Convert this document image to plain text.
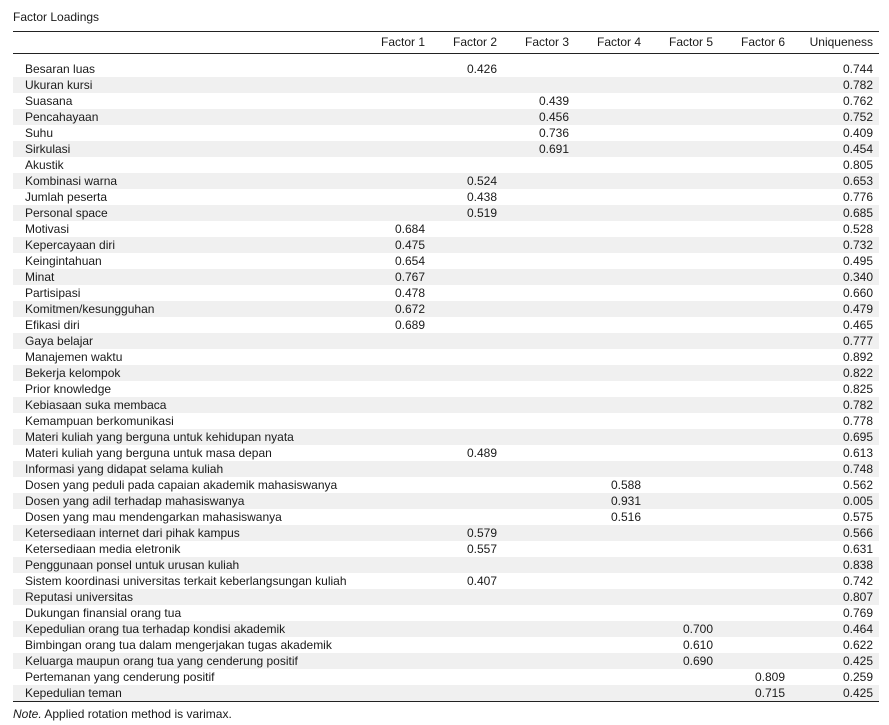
Factor Loadings
	Factor 1	Factor 2	Factor 3	Factor 4	Factor 5	Factor 6	Uniqueness

Besaran luas		0.426					0.744
Ukuran kursi							0.782
Suasana			0.439				0.762
Pencahayaan			0.456				0.752
Suhu			0.736				0.409
Sirkulasi			0.691				0.454
Akustik							0.805
Kombinasi warna		0.524					0.653
Jumlah peserta		0.438					0.776
Personal space		0.519					0.685
Motivasi	0.684						0.528
Kepercayaan diri	0.475						0.732
Keingintahuan	0.654						0.495
Minat	0.767						0.340
Partisipasi	0.478						0.660
Komitmen/kesungguhan	0.672						0.479
Efikasi diri	0.689						0.465
Gaya belajar							0.777
Manajemen waktu							0.892
Bekerja kelompok							0.822
Prior knowledge							0.825
Kebiasaan suka membaca							0.782
Kemampuan berkomunikasi							0.778
Materi kuliah yang berguna untuk kehidupan nyata							0.695
Materi kuliah yang berguna untuk masa depan		0.489					0.613
Informasi yang didapat selama kuliah							0.748
Dosen yang peduli pada capaian akademik mahasiswanya				0.588			0.562
Dosen yang adil terhadap mahasiswanya				0.931			0.005
Dosen yang mau mendengarkan mahasiswanya				0.516			0.575
Ketersediaan internet dari pihak kampus		0.579					0.566
Ketersediaan media eletronik		0.557					0.631
Penggunaan ponsel untuk urusan kuliah							0.838
Sistem koordinasi universitas terkait keberlangsungan kuliah		0.407					0.742
Reputasi universitas							0.807
Dukungan finansial orang tua							0.769
Kepedulian orang tua terhadap kondisi akademik					0.700		0.464
Bimbingan orang tua dalam mengerjakan tugas akademik					0.610		0.622
Keluarga maupun orang tua yang cenderung positif					0.690		0.425
Pertemanan yang cenderung positif						0.809	0.259
Kepedulian teman						0.715	0.425
Note. Applied rotation method is varimax.
